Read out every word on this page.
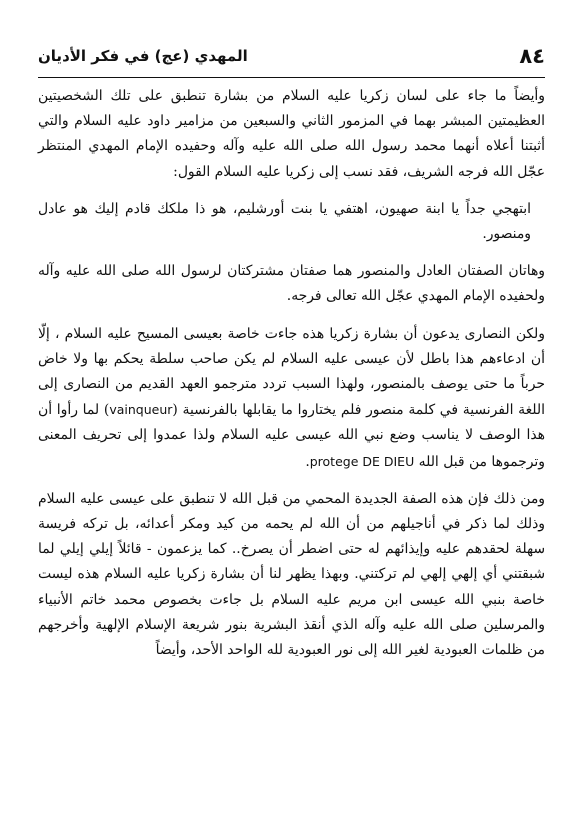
٨٤
المهدي (عج) في فكر الأديان

وأيضاً ما جاء على لسان زكريا عليه السلام من بشارة تنطبق على تلك الشخصيتين العظيمتين المبشر بهما في المزمور الثاني والسبعين من مزامير داود عليه السلام والتي أثبتنا أعلاه أنهما محمد رسول الله صلى الله عليه وآله وحفيده الإمام المهدي المنتظر عجّل الله فرجه الشريف، فقد نسب إلى زكريا عليه السلام القول:

ابتهجي جداً يا ابنة صهيون، اهتفي يا بنت أورشليم، هو ذا ملكك قادم إليك هو عادل ومنصور.

وهاتان الصفتان العادل والمنصور هما صفتان مشتركتان لرسول الله صلى الله عليه وآله ولحفيده الإمام المهدي عجّل الله تعالى فرجه.

ولكن النصارى يدعون أن بشارة زكريا هذه جاءت خاصة بعيسى المسيح عليه السلام ، إلّا أن ادعاءهم هذا باطل لأن عيسى عليه السلام لم يكن صاحب سلطة يحكم بها ولا خاض حرباً ما حتى يوصف بالمنصور، ولهذا السبب تردد مترجمو العهد القديم من النصارى إلى اللغة الفرنسية في كلمة منصور فلم يختاروا ما يقابلها بالفرنسية (vainqueur) لما رأوا أن هذا الوصف لا يناسب وضع نبي الله عيسى عليه السلام ولذا عمدوا إلى تحريف المعنى وترجموها من قبل الله protege DE DIEU.

ومن ذلك فإن هذه الصفة الجديدة المحمي من قبل الله لا تنطبق على عيسى عليه السلام وذلك لما ذكر في أناجيلهم من أن الله لم يحمه من كيد ومكر أعدائه، بل تركه فريسة سهلة لحقدهم عليه وإيذائهم له حتى اضطر أن يصرخ.. كما يزعمون - قائلاً إيلي إيلي لما شبقتني أي إلهي إلهي لم تركتني. وبهذا يظهر لنا أن بشارة زكريا عليه السلام هذه ليست خاصة بنبي الله عيسى ابن مريم عليه السلام بل جاءت بخصوص محمد خاتم الأنبياء والمرسلين صلى الله عليه وآله الذي أنقذ البشرية بنور شريعة الإسلام الإلهية وأخرجهم من ظلمات العبودية لغير الله إلى نور العبودية لله الواحد الأحد، وأيضاً
